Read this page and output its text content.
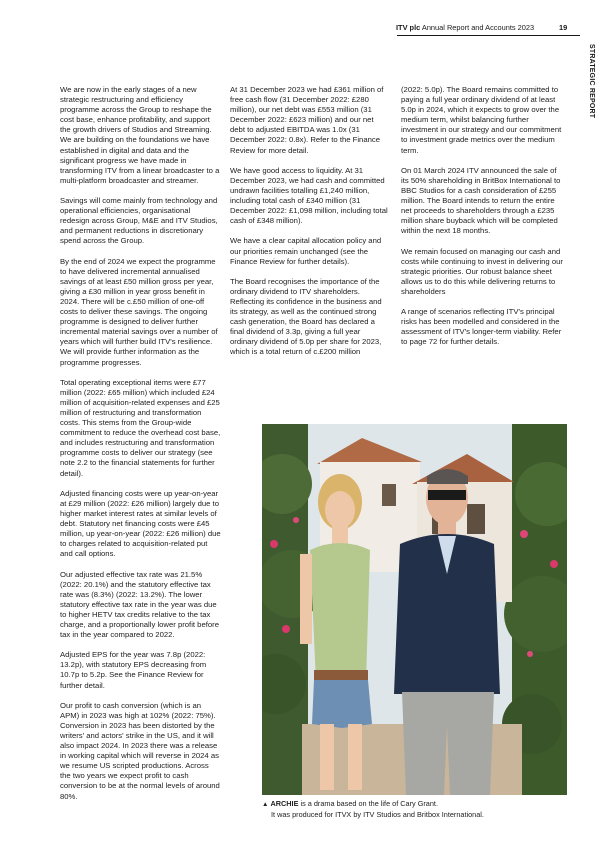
ITV plc Annual Report and Accounts 2023	19
STRATEGIC REPORT

We are now in the early stages of a new strategic restructuring and efficiency programme across the Group to reshape the cost base, enhance profitability, and support the growth drivers of Studios and Streaming. We are building on the foundations we have established in digital and data and the significant progress we have made in transforming ITV from a linear broadcaster to a multi-platform broadcaster and streamer.

Savings will come mainly from technology and operational efficiencies, organisational redesign across Group, M&E and ITV Studios, and permanent reductions in discretionary spend across the Group.

By the end of 2024 we expect the programme to have delivered incremental annualised savings of at least £50 million gross per year, giving a £30 million in year gross benefit in 2024. There will be c.£50 million of one-off costs to deliver these savings. The ongoing programme is designed to deliver further incremental material savings over a number of years which will further build ITV's resilience. We will provide further information as the programme progresses.

Total operating exceptional items were £77 million (2022: £65 million) which included £24 million of acquisition-related expenses and £25 million of restructuring and transformation costs. This stems from the Group-wide commitment to reduce the overhead cost base, and includes restructuring and transformation programme costs to deliver our strategy (see note 2.2 to the financial statements for further detail).

Adjusted financing costs were up year-on-year at £29 million (2022: £26 million) largely due to higher market interest rates at similar levels of debt. Statutory net financing costs were £45 million, up year-on-year (2022: £26 million) due to charges related to acquisition-related put and call options.

Our adjusted effective tax rate was 21.5% (2022: 20.1%) and the statutory effective tax rate was (8.3%) (2022: 13.2%). The lower statutory effective tax rate in the year was due to higher HETV tax credits relative to the tax charge, and a proportionally lower profit before tax in the year compared to 2022.

Adjusted EPS for the year was 7.8p (2022: 13.2p), with statutory EPS decreasing from 10.7p to 5.2p. See the Finance Review for further detail.

Our profit to cash conversion (which is an APM) in 2023 was high at 102% (2022: 75%). Conversion in 2023 has been distorted by the writers' and actors' strike in the US, and it will also impact 2024. In 2023 there was a release in working capital which will reverse in 2024 as we resume US scripted productions. Across the two years we expect profit to cash conversion to be at the normal levels of around 80%.

At 31 December 2023 we had £361 million of free cash flow (31 December 2022: £280 million), our net debt was £553 million (31 December 2022: £623 million) and our net debt to adjusted EBITDA was 1.0x (31 December 2022: 0.8x). Refer to the Finance Review for more detail.

We have good access to liquidity. At 31 December 2023, we had cash and committed undrawn facilities totalling £1,240 million, including total cash of £340 million (31 December 2022: £1,098 million, including total cash of £348 million).

We have a clear capital allocation policy and our priorities remain unchanged (see the Finance Review for further details).

The Board recognises the importance of the ordinary dividend to ITV shareholders. Reflecting its confidence in the business and its strategy, as well as the continued strong cash generation, the Board has declared a final dividend of 3.3p, giving a full year ordinary dividend of 5.0p per share for 2023, which is a total return of c.£200 million

(2022: 5.0p). The Board remains committed to paying a full year ordinary dividend of at least 5.0p in 2024, which it expects to grow over the medium term, whilst balancing further investment in our strategy and our commitment to investment grade metrics over the medium term.

On 01 March 2024 ITV announced the sale of its 50% shareholding in BritBox International to BBC Studios for a cash consideration of £255 million. The Board intends to return the entire net proceeds to shareholders through a £235 million share buyback which will be completed within the next 18 months.

We remain focused on managing our cash and costs while continuing to invest in delivering our strategic priorities. Our robust balance sheet allows us to do this while delivering returns to shareholders

A range of scenarios reflecting ITV's principal risks has been modelled and considered in the assessment of ITV's longer-term viability. Refer to page 72 for further details.

▲ ARCHIE is a drama based on the life of Cary Grant.
It was produced for ITVX by ITV Studios and Britbox International.
